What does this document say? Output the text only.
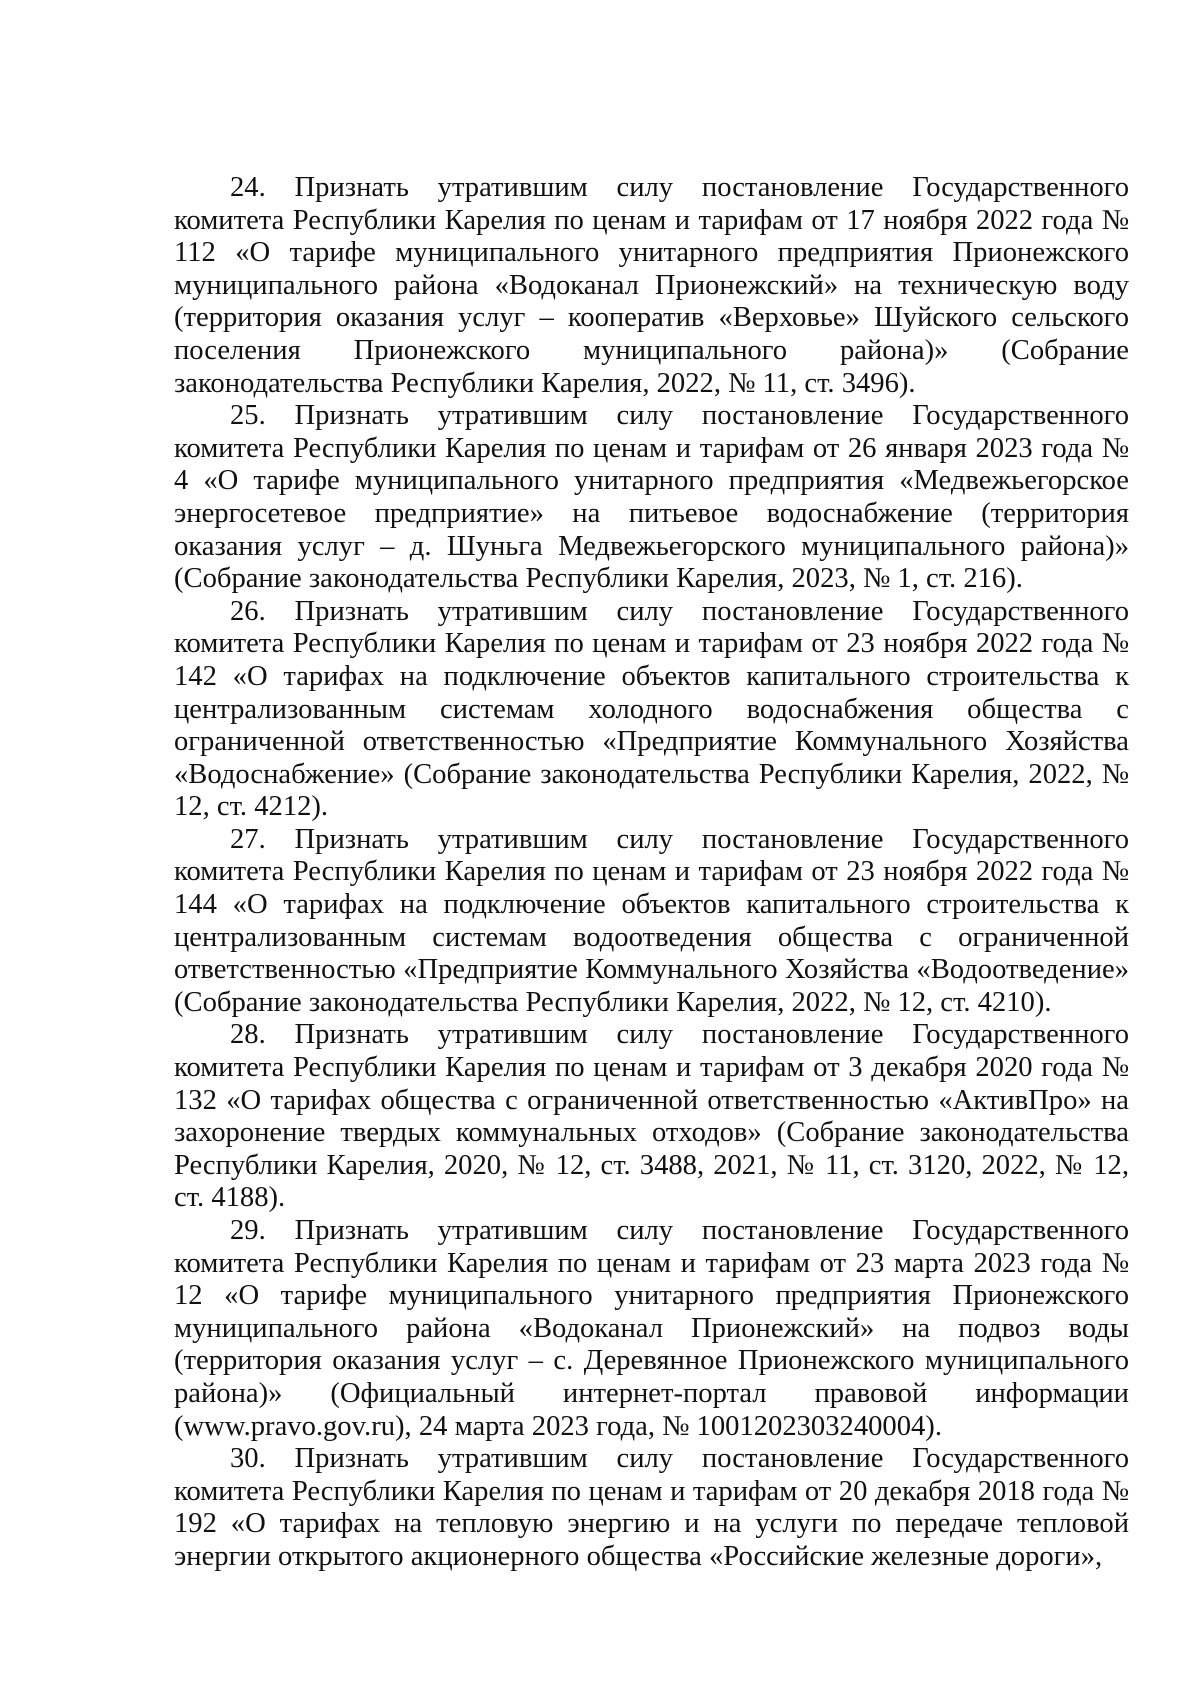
24. Признать утратившим силу постановление Государственного комитета Республики Карелия по ценам и тарифам от 17 ноября 2022 года № 112 «О тарифе муниципального унитарного предприятия Прионежского муниципального района «Водоканал Прионежский» на техническую воду (территория оказания услуг – кооператив «Верховье» Шуйского сельского поселения Прионежского муниципального района)» (Собрание законодательства Республики Карелия, 2022, № 11, ст. 3496).

25. Признать утратившим силу постановление Государственного комитета Республики Карелия по ценам и тарифам от 26 января 2023 года № 4 «О тарифе муниципального унитарного предприятия «Медвежьегорское энергосетевое предприятие» на питьевое водоснабжение (территория оказания услуг – д. Шуньга Медвежьегорского муниципального района)» (Собрание законодательства Республики Карелия, 2023, № 1, ст. 216).

26. Признать утратившим силу постановление Государственного комитета Республики Карелия по ценам и тарифам от 23 ноября 2022 года № 142 «О тарифах на подключение объектов капитального строительства к централизованным системам холодного водоснабжения общества с ограниченной ответственностью «Предприятие Коммунального Хозяйства «Водоснабжение» (Собрание законодательства Республики Карелия, 2022, № 12, ст. 4212).

27. Признать утратившим силу постановление Государственного комитета Республики Карелия по ценам и тарифам от 23 ноября 2022 года № 144 «О тарифах на подключение объектов капитального строительства к централизованным системам водоотведения общества с ограниченной ответственностью «Предприятие Коммунального Хозяйства «Водоотведение» (Собрание законодательства Республики Карелия, 2022, № 12, ст. 4210).

28. Признать утратившим силу постановление Государственного комитета Республики Карелия по ценам и тарифам от 3 декабря 2020 года № 132 «О тарифах общества с ограниченной ответственностью «АктивПро» на захоронение твердых коммунальных отходов» (Собрание законодательства Республики Карелия, 2020, № 12, ст. 3488, 2021, № 11, ст. 3120, 2022, № 12, ст. 4188).

29. Признать утратившим силу постановление Государственного комитета Республики Карелия по ценам и тарифам от 23 марта 2023 года № 12 «О тарифе муниципального унитарного предприятия Прионежского муниципального района «Водоканал Прионежский» на подвоз воды (территория оказания услуг – с. Деревянное Прионежского муниципального района)» (Официальный интернет-портал правовой информации (www.pravo.gov.ru), 24 марта 2023 года, № 1001202303240004).

30. Признать утратившим силу постановление Государственного комитета Республики Карелия по ценам и тарифам от 20 декабря 2018 года № 192 «О тарифах на тепловую энергию и на услуги по передаче тепловой энергии открытого акционерного общества «Российские железные дороги»,
